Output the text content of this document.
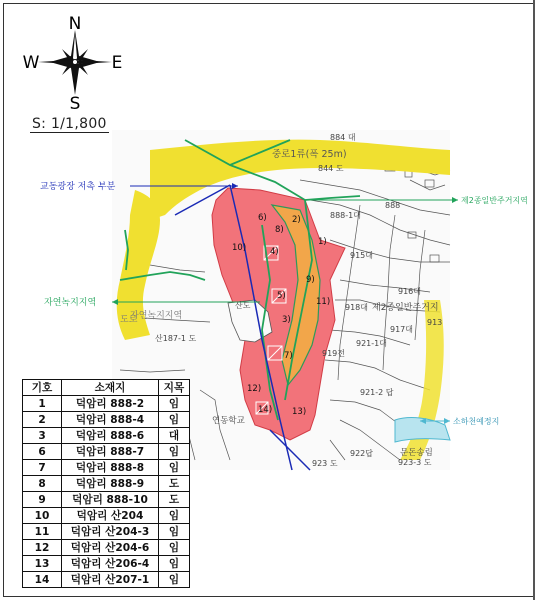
N
S
E
W
1)
2)
3)
4)
5)
6)
7)
8)
9)
10)
11)
12)
13)
14)
중로1류(폭 25m)
844 도
884 대
888-1대
888
915대
916대
917대
918대
913
921-1대
919전
921-2 답
922답
923 도	923-3 도
산187-1 도
제2종일반주거지
자연녹지지역
도로
연동학교
문돈송림
산도
교동광장 저촉 부분
자연녹지지역
제2종일반주거지역
소하천예정지
S: 1/1,800
기호	소재지	지목
1	덕암리 888-2	임
2	덕암리 888-4	임
3	덕암리 888-6	대
6	덕암리 888-7	임
7	덕암리 888-8	임
8	덕암리 888-9	도
9	덕암리 888-10	도
10	덕암리 산204	임
11	덕암리 산204-3	임
12	덕암리 산204-6	임
13	덕암리 산206-4	임
14	덕암리 산207-1	임
